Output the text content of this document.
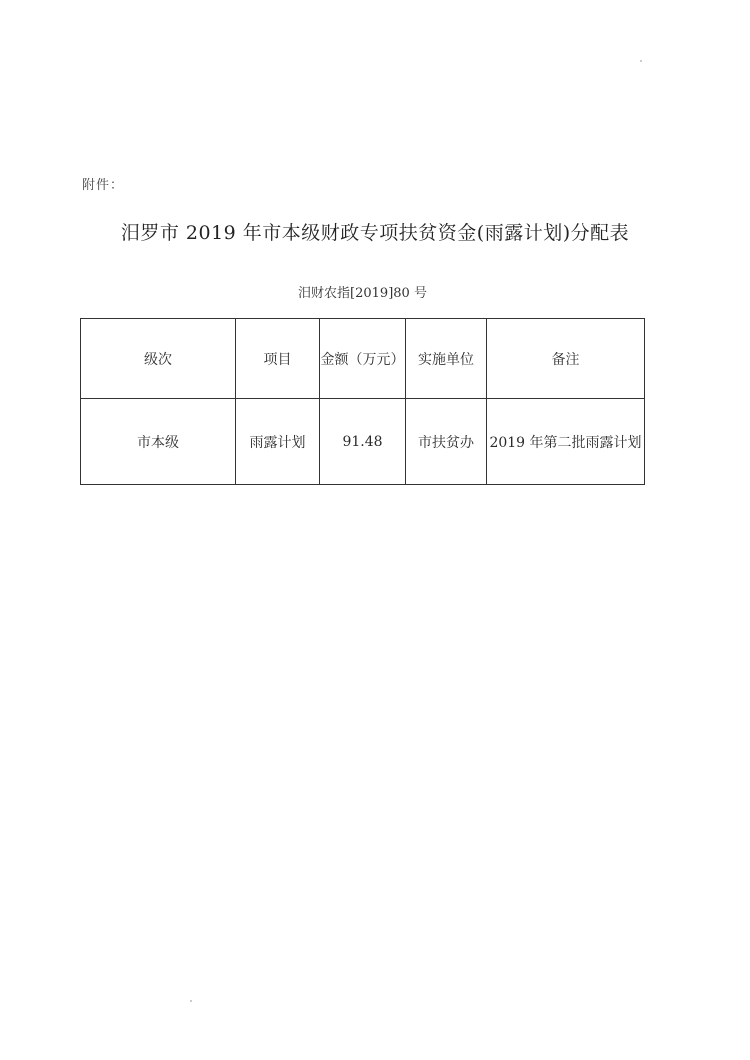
附件：
汨罗市 2019 年市本级财政专项扶贫资金(雨露计划)分配表
汨财农指[2019]80 号
级次	项目	金额（万元）	实施单位	备注
市本级	雨露计划	91.48	市扶贫办	2019 年第二批雨露计划
